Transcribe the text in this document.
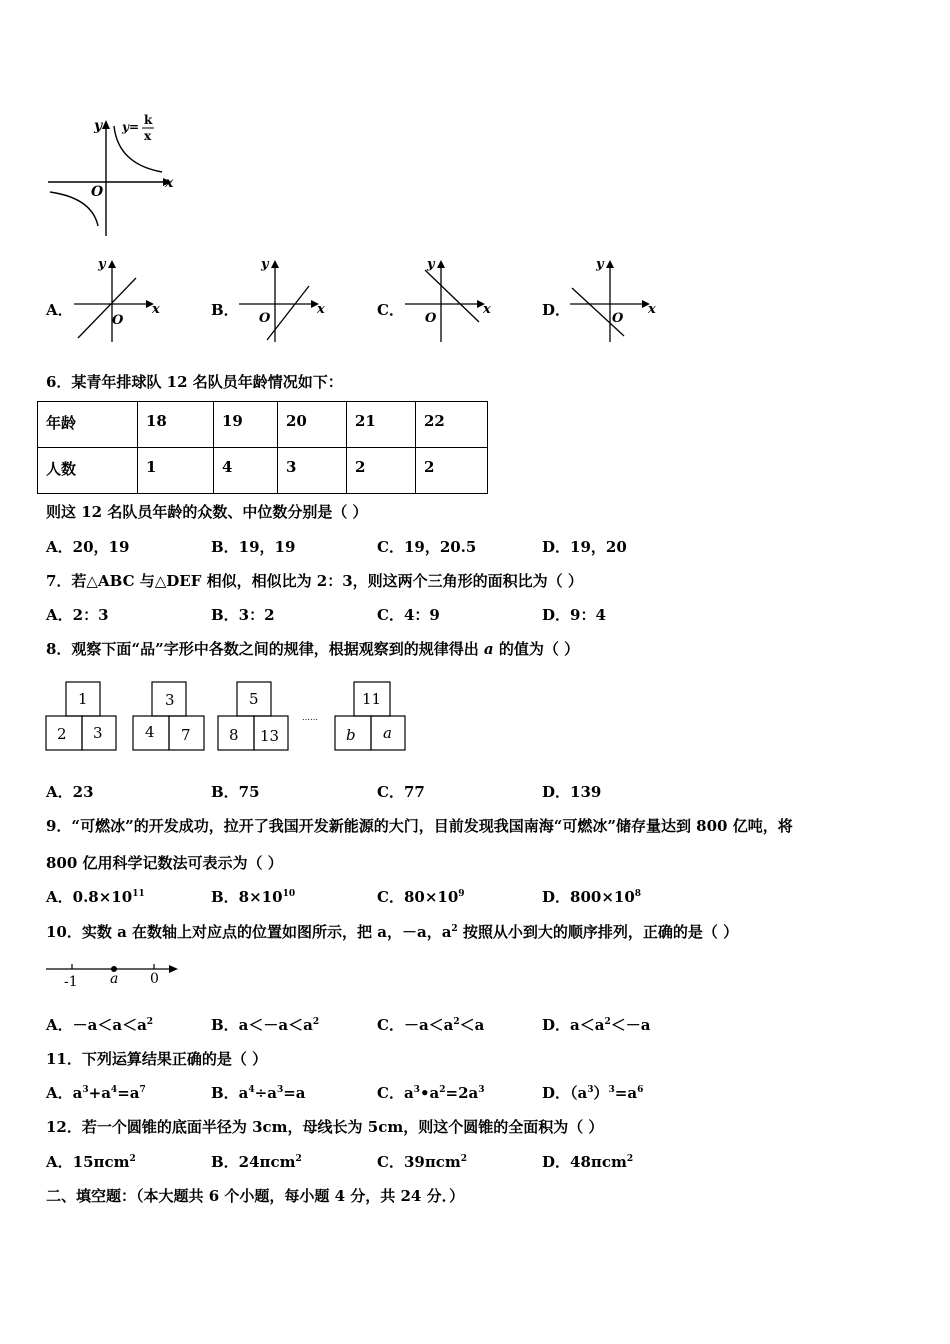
O
x
y y= k
x
A．
O
x
y
B． O
x
y
C． O
x
y
D．	O
x
y
6．某青年排球队 12 名队员年龄情况如下：
年龄	18	19	20	21	22
人数	1	4	3	2	2
则这 12 名队员年龄的众数、中位数分别是（ ）
A．20，19	B．19，19	C．19，20.5	D．19，20
7．若△ABC 与△DEF 相似，相似比为 2：3，则这两个三角形的面积比为（ ）
A．2：3	B．3：2	C．4：9	D．9：4
8．观察下面“品”字形中各数之间的规律，根据观察到的规律得出 a 的值为（ ）
1
2 3
3
4 7
5
8 13
……
11
b a
A．23	B．75	C．77	D．139
9．“可燃冰”的开发成功，拉开了我国开发新能源的大门，目前发现我国南海“可燃冰”储存量达到 800 亿吨，将
800 亿用科学记数法可表示为（ ）
A．$0.8\times 10^{11}$	B．$8\times 10^{10}$	C．$80\times 10^9$	D．$800\times 10^8$
10．实数 a 在数轴上对应点的位置如图所示，把 a，－a，$a^2$ 按照从小到大的顺序排列，正确的是（ ）
-1 a 0
A．$-a<a<a^2$	B．$a<-a<a^2$	C．$-a<a^2<a$	D．$a<a^2<-a$
11．下列运算结果正确的是（ ）
A．$a^3+a^4=a^7$	B．$a^4\div a^3=a$	C．$a^3•a^2=2a^3$	D．$(a^3)^3=a^6$
12．若一个圆锥的底面半径为 3cm，母线长为 5cm，则这个圆锥的全面积为（ ）
A．15πcm$^2$	B．24πcm$^2$	C．39πcm$^2$	D．48πcm$^2$
二、填空题：（本大题共 6 个小题，每小题 4 分，共 24 分．）
